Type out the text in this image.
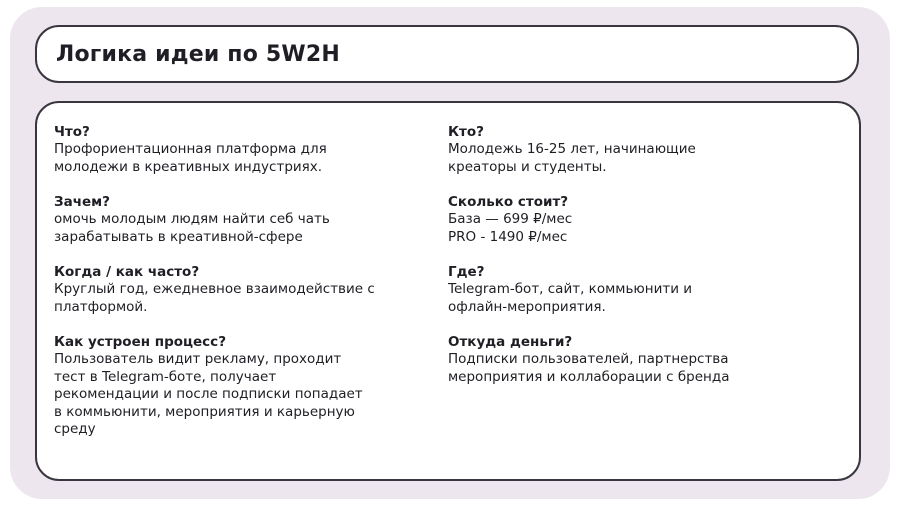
Логика идеи по 5W2H

Что?

Профориентационная платформа для

молодежи в креативных индустриях.

Зачем?

омочь молодым людям найти себ чать

зарабатывать в креативной-сфере

Когда / как часто?

Круглый год, ежедневное взаимодействие с

платформой.

Как устроен процесс?

Пользователь видит рекламу, проходит

тест в Telegram-боте, получает

рекомендации и после подписки попадает

в коммьюнити, мероприятия и карьерную

среду

Кто?

Молодежь 16-25 лет, начинающие

креаторы и студенты.

Сколько стоит?

База — 699 ₽/мес

PRO - 1490 ₽/мес

Где?

Telegram-бот, сайт, коммьюнити и

офлайн-мероприятия.

Откуда деньги?

Подписки пользователей, партнерства

мероприятия и коллаборации с бренда
